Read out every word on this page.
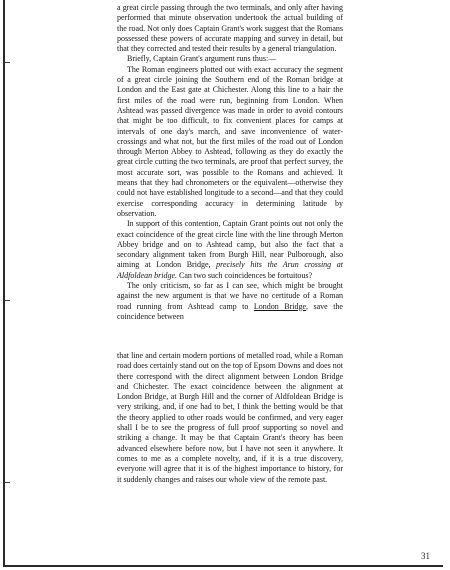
a great circle passing through the two terminals, and only after having performed that minute observation undertook the actual building of the road. Not only does Captain Grant's work suggest that the Romans possessed these powers of accurate mapping and survey in detail, but that they corrected and tested their results by a general triangulation.

Briefly, Captain Grant's argument runs thus:—

The Roman engineers plotted out with exact accuracy the segment of a great circle joining the Southern end of the Roman bridge at London and the East gate at Chichester. Along this line to a hair the first miles of the road were run, beginning from London. When Ashtead was passed divergence was made in order to avoid contours that might be too difficult, to fix convenient places for camps at intervals of one day's march, and save inconvenience of water-crossings and what not, but the first miles of the road out of London through Merton Abbey to Ashtead, following as they do exactly the great circle cutting the two terminals, are proof that perfect survey, the most accurate sort, was possible to the Romans and achieved. It means that they had chronometers or the equivalent—otherwise they could not have established longitude to a second—and that they could exercise corresponding accuracy in determining latitude by observation.

In support of this contention, Captain Grant points out not only the exact coincidence of the great circle line with the line through Merton Abbey bridge and on to Ashtead camp, but also the fact that a secondary alignment taken from Burgh Hill, near Pulborough, also aiming at London Bridge, precisely hits the Arun crossing at Aldfoldean bridge. Can two such coincidences be fortuitous?

The only criticism, so far as I can see, which might be brought against the new argument is that we have no certitude of a Roman road running from Ashtead camp to London Bridge, save the coincidence between

that line and certain modern portions of metalled road, while a Roman road does certainly stand out on the top of Epsom Downs and does not there correspond with the direct alignment between London Bridge and Chichester. The exact coincidence between the alignment at London Bridge, at Burgh Hill and the corner of Aldfoldean Bridge is very striking, and, if one had to bet, I think the betting would be that the theory applied to other roads would be confirmed, and very eager shall I be to see the progress of full proof supporting so novel and striking a change. It may be that Captain Grant's theory has been advanced elsewhere before now, but I have not seen it anywhere. It comes to me as a complete novelty, and, if it is a true discovery, everyone will agree that it is of the highest importance to history, for it suddenly changes and raises our whole view of the remote past.

31
